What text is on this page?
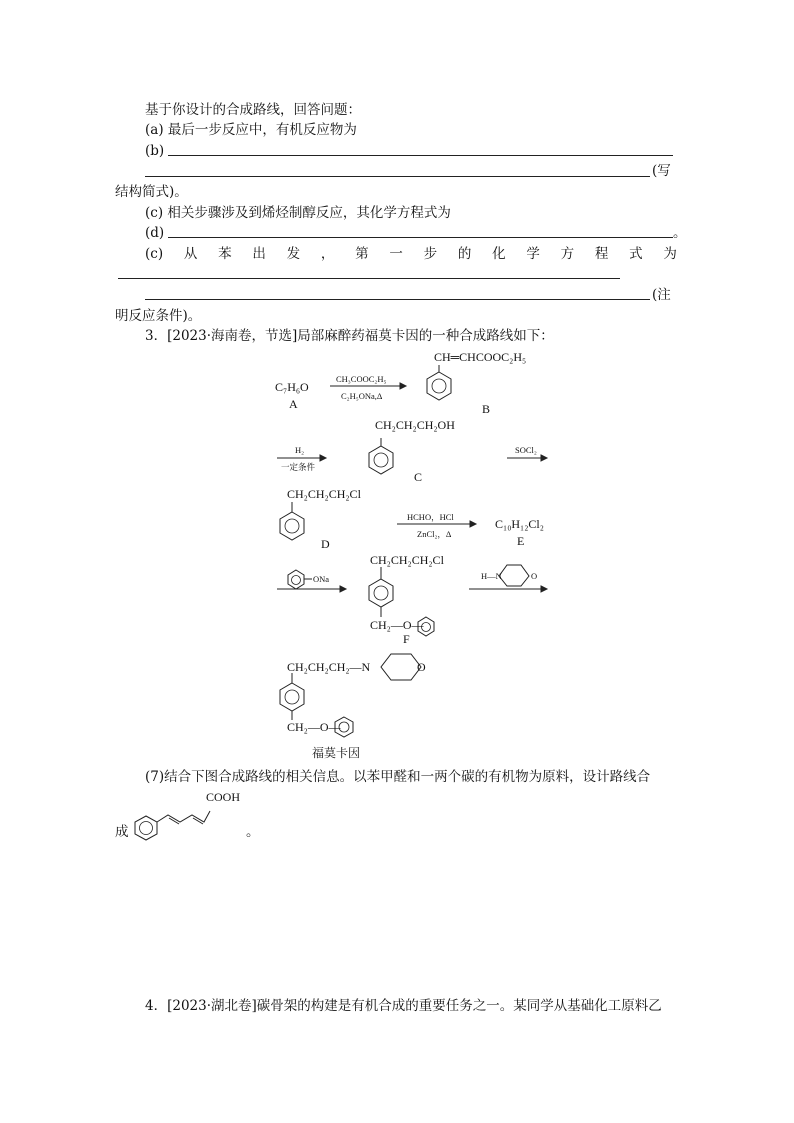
基于你设计的合成路线，回答问题：
(a) 最后一步反应中，有机反应物为
(b)
(写
结构简式)。
(c) 相关步骤涉及到烯烃制醇反应，其化学方程式为
(d)	。
(c) 从 苯 出 发 ， 第 一 步 的 化 学 方 程 式 为
(注
明反应条件)。
3．[2023·海南卷，节选]局部麻醉药福莫卡因的一种合成路线如下：
C₇H₆O
A
CH₃COOC₂H₅
C₂H₅ONa,Δ
CH═CHCOOC₂H₅
B
H₂
一定条件
CH₂CH₂CH₂OH
C
SOCl₂
CH₂CH₂CH₂Cl
D
HCHO，HCl
ZnCl₂，Δ
C₁₀H₁₂Cl₂
E
ONa
CH₂CH₂CH₂Cl
CH₂—O—
F
H—N	O
CH₂CH₂CH₂—N	O
CH₂—O—
福莫卡因
(7)结合下图合成路线的相关信息。以苯甲醛和一两个碳的有机物为原料，设计路线合
成
COOH
。
4．[2023·湖北卷]碳骨架的构建是有机合成的重要任务之一。某同学从基础化工原料乙
